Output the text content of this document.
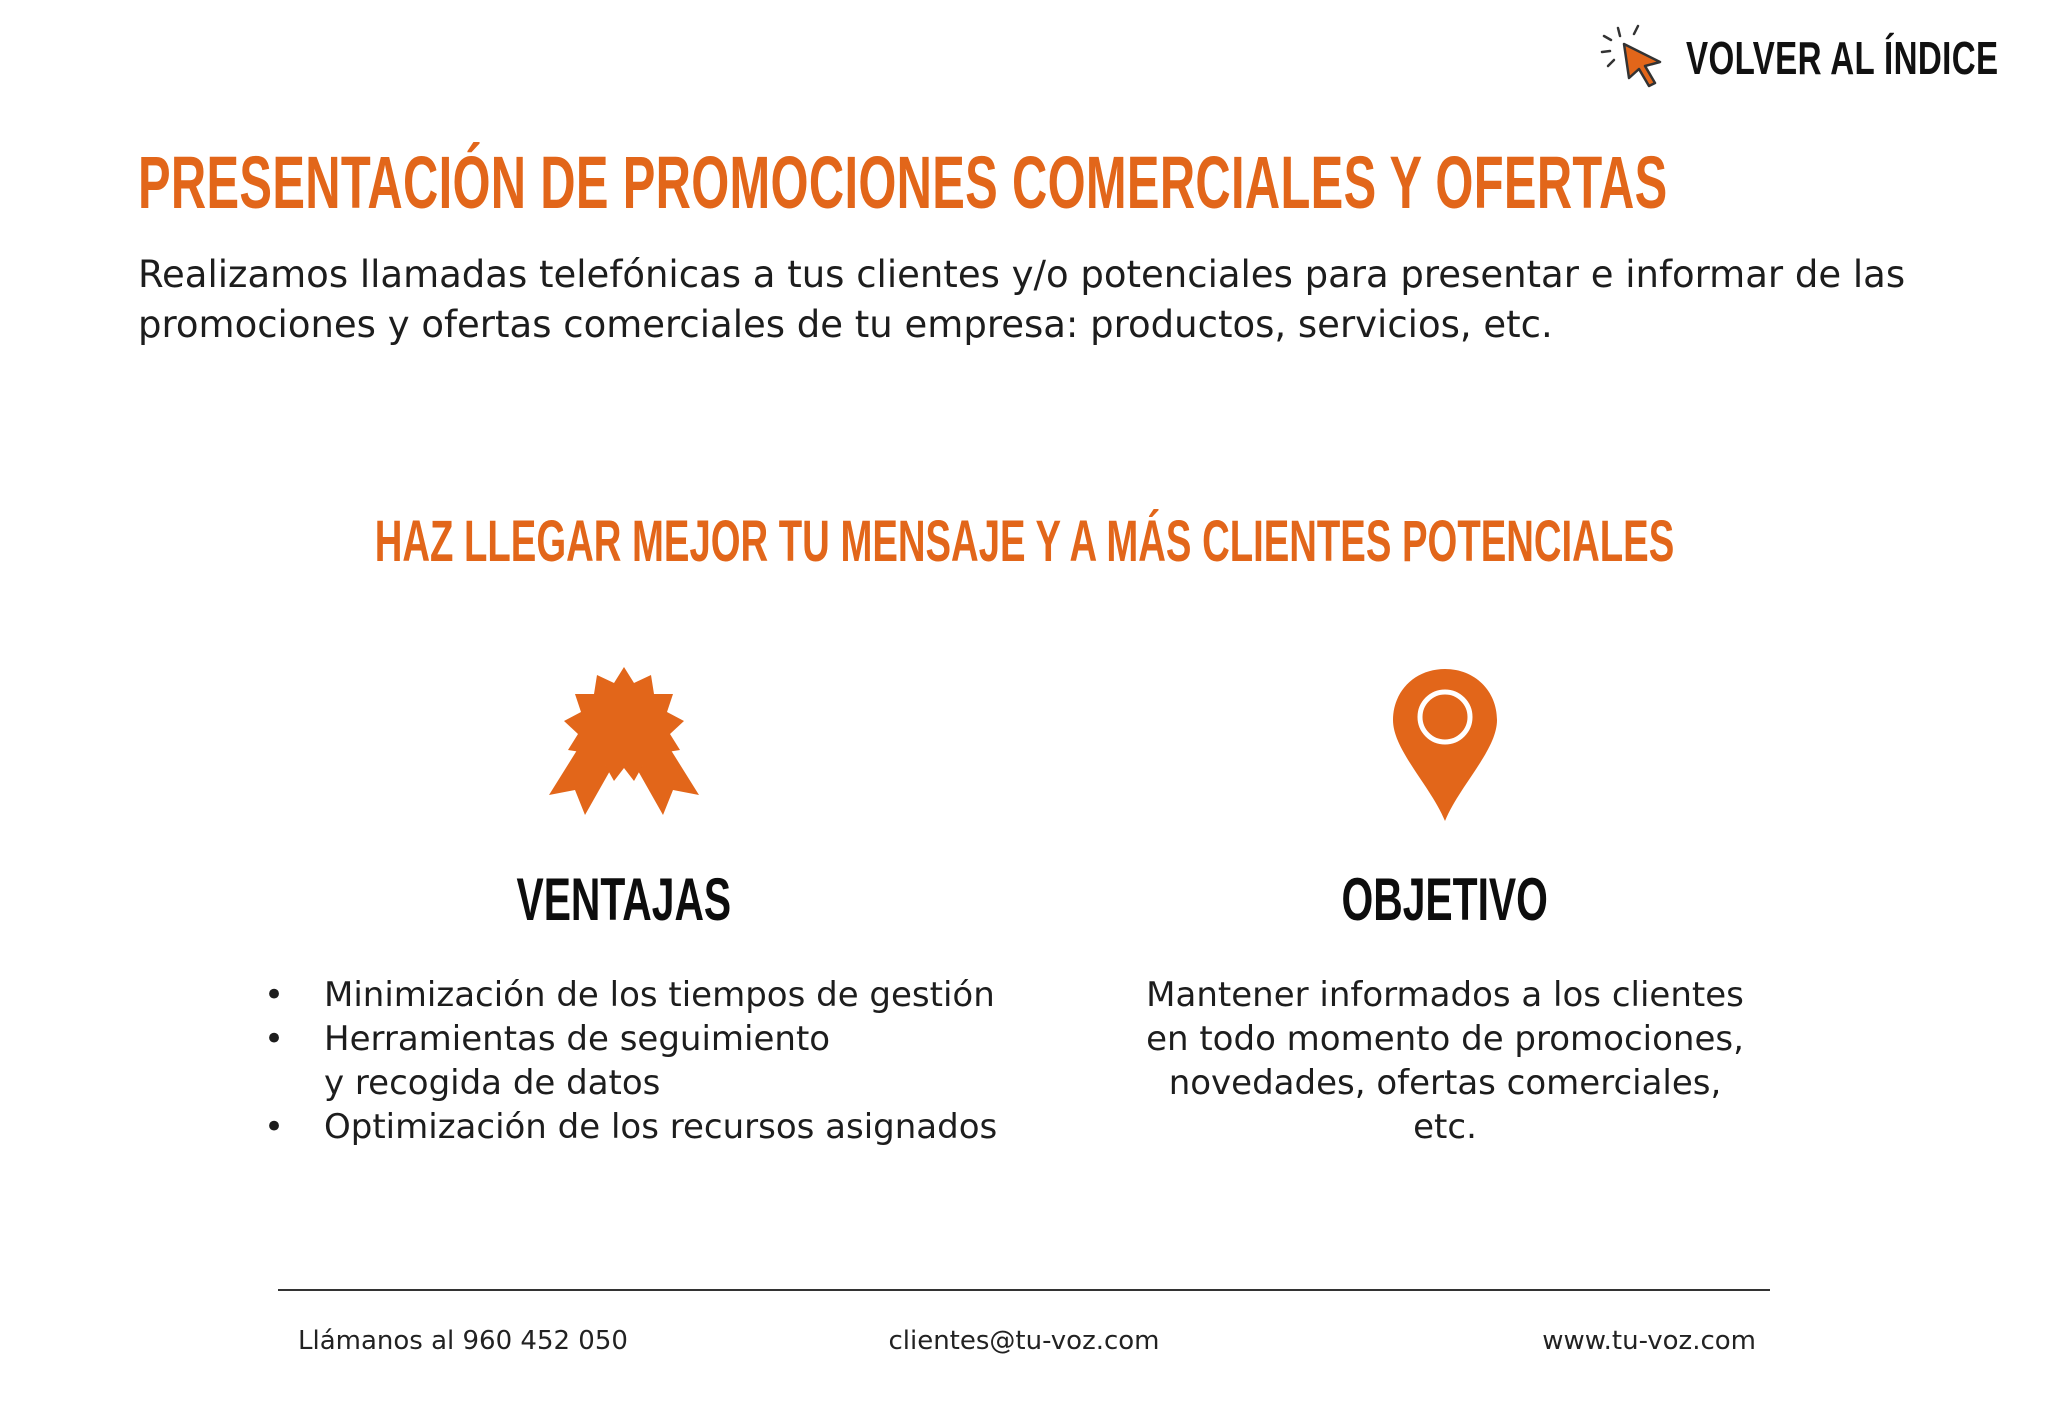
VOLVER AL ÍNDICE
PRESENTACIÓN DE PROMOCIONES COMERCIALES Y OFERTAS

Realizamos llamadas telefónicas a tus clientes y/o potenciales para presentar e informar de las promociones y ofertas comerciales de tu empresa: productos, servicios, etc.

HAZ LLEGAR MEJOR TU MENSAJE Y A MÁS CLIENTES POTENCIALES
VENTAJAS
• Minimización de los tiempos de gestión
• Herramientas de seguimiento y recogida de datos
• Optimización de los recursos asignados
OBJETIVO

Mantener informados a los clientes en todo momento de promociones, novedades, ofertas comerciales, etc.

Llámanos al 960 452 050	clientes@tu-voz.com	www.tu-voz.com
